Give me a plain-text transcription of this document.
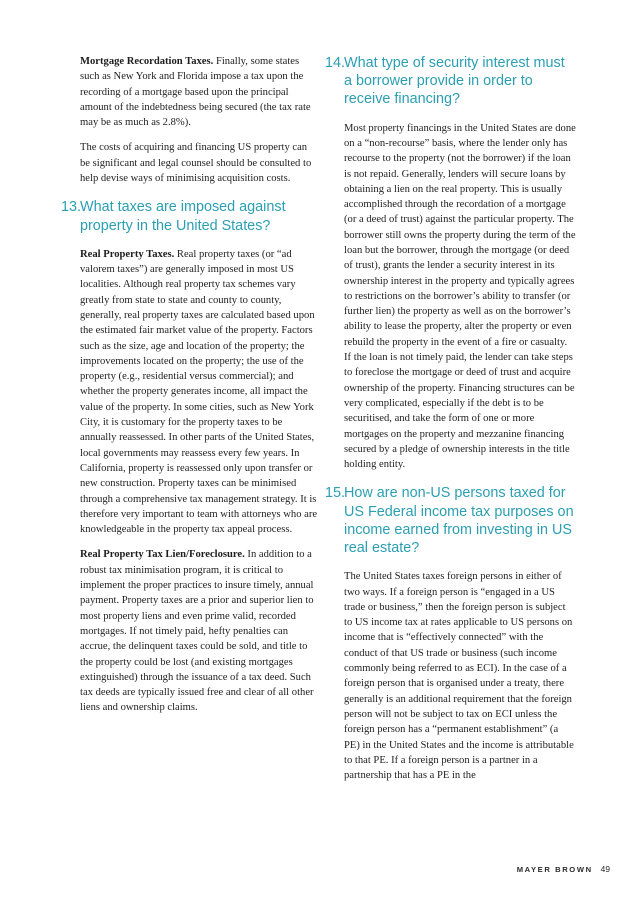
Mortgage Recordation Taxes. Finally, some states such as New York and Florida impose a tax upon the recording of a mortgage based upon the principal amount of the indebtedness being secured (the tax rate may be as much as 2.8%).

The costs of acquiring and financing US property can be significant and legal counsel should be consulted to help devise ways of minimising acquisition costs.

13.
What taxes are imposed against property in the United States?

Real Property Taxes. Real property taxes (or “ad valorem taxes”) are generally imposed in most US localities. Although real property tax schemes vary greatly from state to state and county to county, generally, real property taxes are calculated based upon the estimated fair market value of the property. Factors such as the size, age and location of the property; the improvements located on the property; the use of the property (e.g., residential versus commercial); and whether the property generates income, all impact the value of the property. In some cities, such as New York City, it is customary for the property taxes to be annually reassessed. In other parts of the United States, local governments may reassess every few years. In California, property is reassessed only upon transfer or new construction. Property taxes can be minimised through a comprehensive tax management strategy. It is therefore very important to team with attorneys who are knowledgeable in the property tax appeal process.

Real Property Tax Lien/Foreclosure. In addition to a robust tax minimisation program, it is critical to implement the proper practices to insure timely, annual payment. Property taxes are a prior and superior lien to most property liens and even prime valid, recorded mortgages. If not timely paid, hefty penalties can accrue, the delinquent taxes could be sold, and title to the property could be lost (and existing mortgages extinguished) through the issuance of a tax deed. Such tax deeds are typically issued free and clear of all other liens and ownership claims.

14.
What type of security interest must a borrower provide in order to receive financing?

Most property financings in the United States are done on a “non-recourse” basis, where the lender only has recourse to the property (not the borrower) if the loan is not repaid. Generally, lenders will secure loans by obtaining a lien on the real property. This is usually accomplished through the recordation of a mortgage (or a deed of trust) against the particular property. The borrower still owns the property during the term of the loan but the borrower, through the mortgage (or deed of trust), grants the lender a security interest in its ownership interest in the property and typically agrees to restrictions on the borrower’s ability to transfer (or further lien) the property as well as on the borrower’s ability to lease the property, alter the property or even rebuild the property in the event of a fire or casualty. If the loan is not timely paid, the lender can take steps to foreclose the mortgage or deed of trust and acquire ownership of the property. Financing structures can be very complicated, especially if the debt is to be securitised, and take the form of one or more mortgages on the property and mezzanine financing secured by a pledge of ownership interests in the title holding entity.

15.
How are non-US persons taxed for US Federal income tax purposes on income earned from investing in US real estate?

The United States taxes foreign persons in either of two ways. If a foreign person is “engaged in a US trade or business,” then the foreign person is subject to US income tax at rates applicable to US persons on income that is “effectively connected” with the conduct of that US trade or business (such income commonly being referred to as ECI). In the case of a foreign person that is organised under a treaty, there generally is an additional requirement that the foreign person will not be subject to tax on ECI unless the foreign person has a “permanent establishment” (a PE) in the United States and the income is attributable to that PE. If a foreign person is a partner in a partnership that has a PE in the

MAYER BROWN 49
